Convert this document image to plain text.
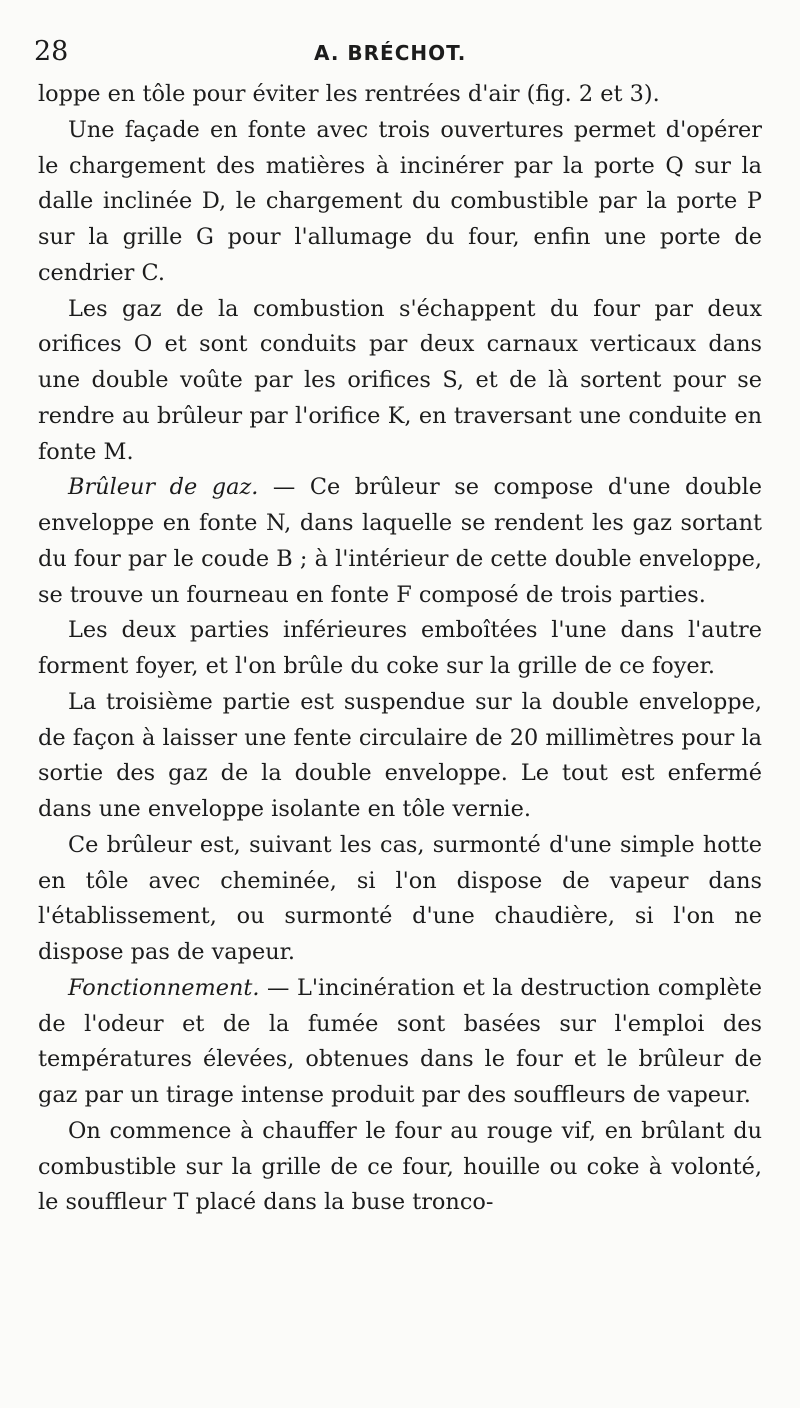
28	A. BRÉCHOT.

loppe en tôle pour éviter les rentrées d'air (fig. 2 et 3).

Une façade en fonte avec trois ouvertures permet d'opérer le chargement des matières à incinérer par la porte Q sur la dalle inclinée D, le chargement du combustible par la porte P sur la grille G pour l'allumage du four, enfin une porte de cendrier C.

Les gaz de la combustion s'échappent du four par deux orifices O et sont conduits par deux carnaux verticaux dans une double voûte par les orifices S, et de là sortent pour se rendre au brûleur par l'orifice K, en traversant une conduite en fonte M.

Brûleur de gaz. — Ce brûleur se compose d'une double enveloppe en fonte N, dans laquelle se rendent les gaz sortant du four par le coude B ; à l'intérieur de cette double enveloppe, se trouve un fourneau en fonte F composé de trois parties.

Les deux parties inférieures emboîtées l'une dans l'autre forment foyer, et l'on brûle du coke sur la grille de ce foyer.

La troisième partie est suspendue sur la double enveloppe, de façon à laisser une fente circulaire de 20 millimètres pour la sortie des gaz de la double enveloppe. Le tout est enfermé dans une enveloppe isolante en tôle vernie.

Ce brûleur est, suivant les cas, surmonté d'une simple hotte en tôle avec cheminée, si l'on dispose de vapeur dans l'établissement, ou surmonté d'une chaudière, si l'on ne dispose pas de vapeur.

Fonctionnement. — L'incinération et la destruction complète de l'odeur et de la fumée sont basées sur l'emploi des températures élevées, obtenues dans le four et le brûleur de gaz par un tirage intense produit par des souffleurs de vapeur.

On commence à chauffer le four au rouge vif, en brûlant du combustible sur la grille de ce four, houille ou coke à volonté, le souffleur T placé dans la buse tronco-
